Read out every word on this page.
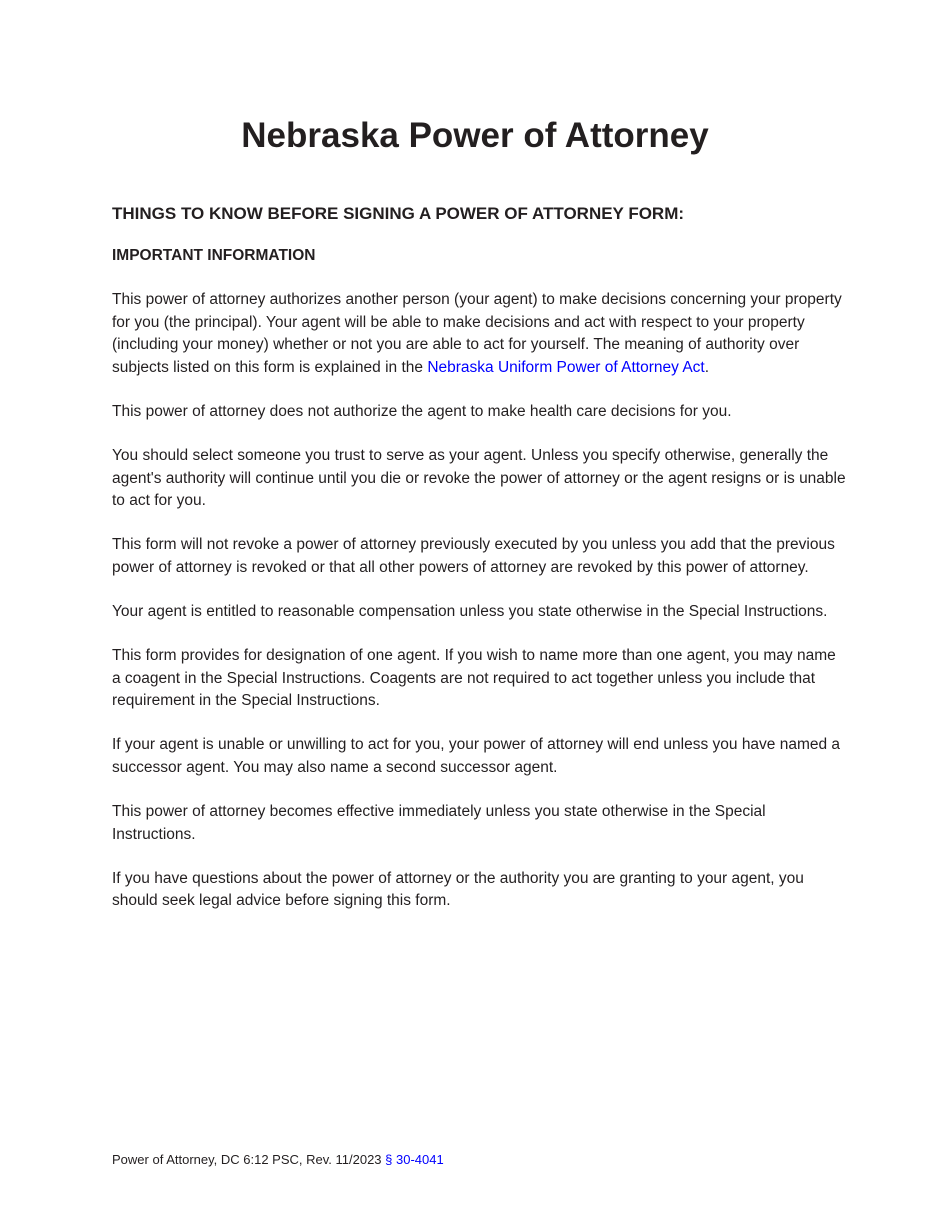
Nebraska Power of Attorney
THINGS TO KNOW BEFORE SIGNING A POWER OF ATTORNEY FORM:
IMPORTANT INFORMATION

This power of attorney authorizes another person (your agent) to make decisions concerning your property for you (the principal). Your agent will be able to make decisions and act with respect to your property (including your money) whether or not you are able to act for yourself. The meaning of authority over subjects listed on this form is explained in the Nebraska Uniform Power of Attorney Act.

This power of attorney does not authorize the agent to make health care decisions for you.

You should select someone you trust to serve as your agent. Unless you specify otherwise, generally the agent's authority will continue until you die or revoke the power of attorney or the agent resigns or is unable to act for you.

This form will not revoke a power of attorney previously executed by you unless you add that the previous power of attorney is revoked or that all other powers of attorney are revoked by this power of attorney.

Your agent is entitled to reasonable compensation unless you state otherwise in the Special Instructions.

This form provides for designation of one agent. If you wish to name more than one agent, you may name a coagent in the Special Instructions. Coagents are not required to act together unless you include that requirement in the Special Instructions.

If your agent is unable or unwilling to act for you, your power of attorney will end unless you have named a successor agent. You may also name a second successor agent.

This power of attorney becomes effective immediately unless you state otherwise in the Special Instructions.

If you have questions about the power of attorney or the authority you are granting to your agent, you should seek legal advice before signing this form.

Power of Attorney, DC 6:12 PSC, Rev. 11/2023 § 30-4041
